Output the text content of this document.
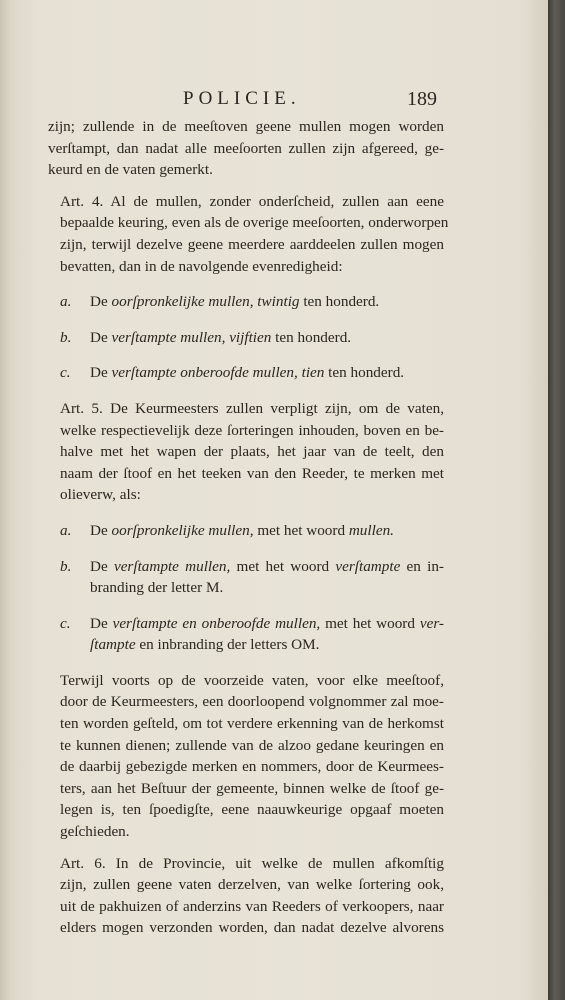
POLICIE.	189

zijn; zullende in de meeſtoven geene mullen mogen worden
verſtampt, dan nadat alle meeſoorten zullen zijn afgereed, ge-
keurd en de vaten gemerkt.

Art. 4. Al de mullen, zonder onderſcheid, zullen aan eene
bepaalde keuring, even als de overige meeſoorten, onderworpen
zijn, terwijl dezelve geene meerdere aarddeelen zullen mogen
bevatten, dan in de navolgende evenredigheid:

a. De oorſpronkelijke mullen, twintig ten honderd.

b. De verſtampte mullen, vijftien ten honderd.

c. De verſtampte onberoofde mullen, tien ten honderd.

Art. 5. De Keurmeesters zullen verpligt zijn, om de vaten,
welke respectievelijk deze ſorteringen inhouden, boven en be-
halve met het wapen der plaats, het jaar van de teelt, den
naam der ſtoof en het teeken van den Reeder, te merken met
olieverw, als:

a. De oorſpronkelijke mullen, met het woord mullen.

b. De verſtampte mullen, met het woord verſtampte en in-
branding der letter M.

c. De verſtampte en onberoofde mullen, met het woord ver-
ſtampte en inbranding der letters OM.

Terwijl voorts op de voorzeide vaten, voor elke meeſtoof,
door de Keurmeesters, een doorloopend volgnommer zal moe-
ten worden geſteld, om tot verdere erkenning van de herkomst
te kunnen dienen; zullende van de alzoo gedane keuringen en
de daarbij gebezigde merken en nommers, door de Keurmees-
ters, aan het Beſtuur der gemeente, binnen welke de ſtoof ge-
legen is, ten ſpoedigſte, eene naauwkeurige opgaaf moeten
geſchieden.

Art. 6. In de Provincie, uit welke de mullen afkomſtig
zijn, zullen geene vaten derzelven, van welke ſortering ook,
uit de pakhuizen of anderzins van Reeders of verkoopers, naar
elders mogen verzonden worden, dan nadat dezelve alvorens
